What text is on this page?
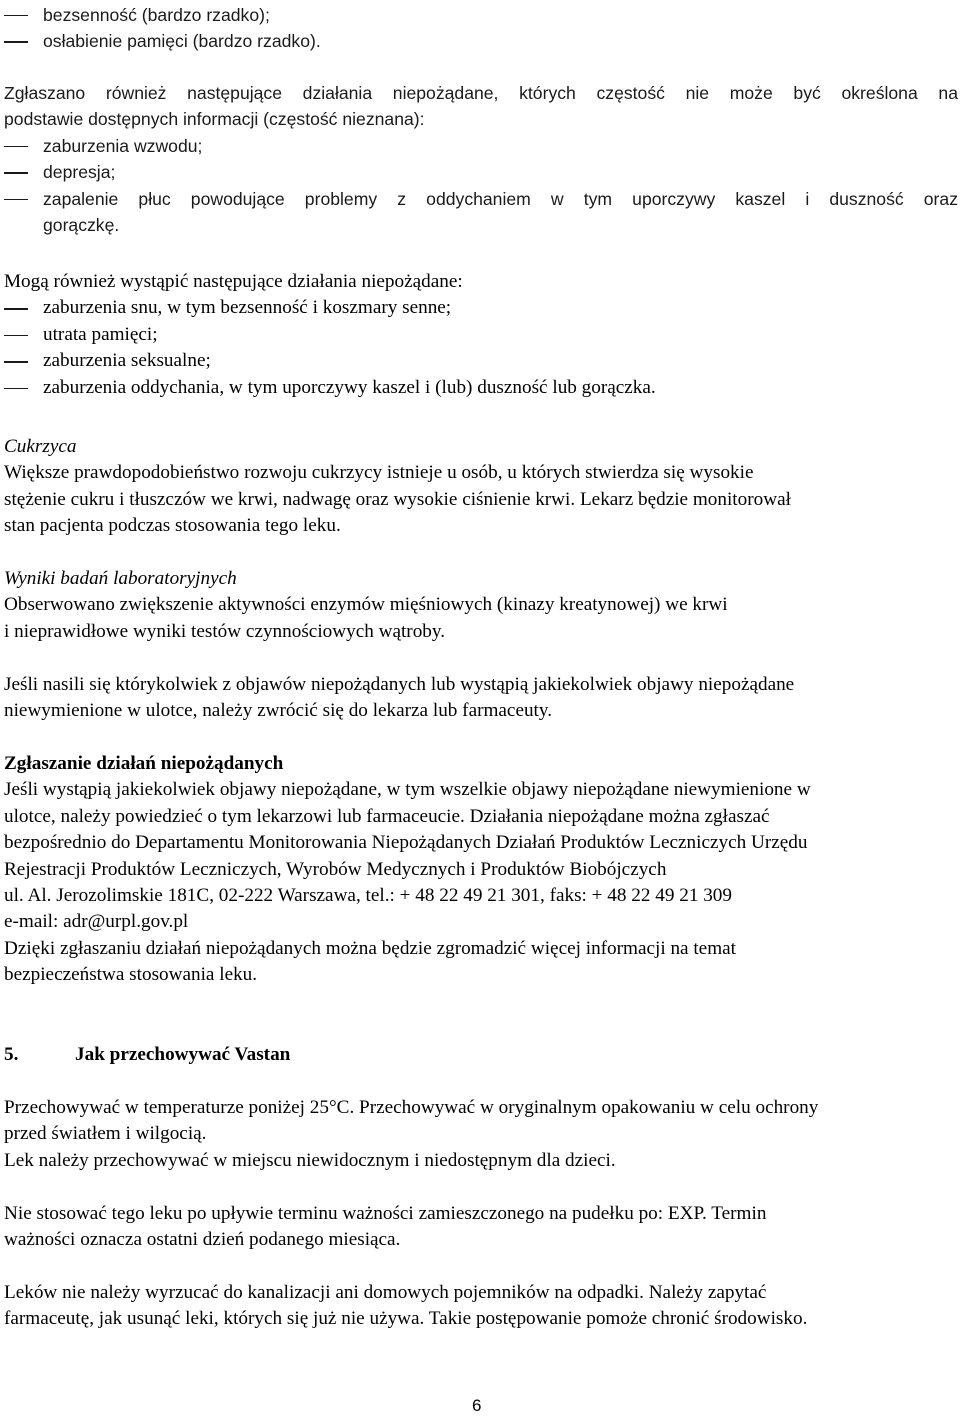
bezsenność (bardzo rzadko);
osłabienie pamięci (bardzo rzadko).

Zgłaszano również następujące działania niepożądane, których częstość nie może być określona na

podstawie dostępnych informacji (częstość nieznana):

zaburzenia wzwodu;
depresja;
zapalenie płuc powodujące problemy z oddychaniem w tym uporczywy kaszel i duszność oraz
gorączkę.

Mogą również wystąpić następujące działania niepożądane:

zaburzenia snu, w tym bezsenność i koszmary senne;
utrata pamięci;
zaburzenia seksualne;
zaburzenia oddychania, w tym uporczywy kaszel i (lub) duszność lub gorączka.

Cukrzyca

Większe prawdopodobieństwo rozwoju cukrzycy istnieje u osób, u których stwierdza się wysokie

stężenie cukru i tłuszczów we krwi, nadwagę oraz wysokie ciśnienie krwi. Lekarz będzie monitorował

stan pacjenta podczas stosowania tego leku.

Wyniki badań laboratoryjnych

Obserwowano zwiększenie aktywności enzymów mięśniowych (kinazy kreatynowej) we krwi

i nieprawidłowe wyniki testów czynnościowych wątroby.

Jeśli nasili się którykolwiek z objawów niepożądanych lub wystąpią jakiekolwiek objawy niepożądane

niewymienione w ulotce, należy zwrócić się do lekarza lub farmaceuty.

Zgłaszanie działań niepożądanych

Jeśli wystąpią jakiekolwiek objawy niepożądane, w tym wszelkie objawy niepożądane niewymienione w

ulotce, należy powiedzieć o tym lekarzowi lub farmaceucie. Działania niepożądane można zgłaszać

bezpośrednio do Departamentu Monitorowania Niepożądanych Działań Produktów Leczniczych Urzędu

Rejestracji Produktów Leczniczych, Wyrobów Medycznych i Produktów Biobójczych

ul. Al. Jerozolimskie 181C, 02-222 Warszawa, tel.: + 48 22 49 21 301, faks: + 48 22 49 21 309

e-mail: adr@urpl.gov.pl

Dzięki zgłaszaniu działań niepożądanych można będzie zgromadzić więcej informacji na temat

bezpieczeństwa stosowania leku.

5.	Jak przechowywać Vastan

Przechowywać w temperaturze poniżej 25°C. Przechowywać w oryginalnym opakowaniu w celu ochrony

przed światłem i wilgocią.

Lek należy przechowywać w miejscu niewidocznym i niedostępnym dla dzieci.

Nie stosować tego leku po upływie terminu ważności zamieszczonego na pudełku po: EXP. Termin

ważności oznacza ostatni dzień podanego miesiąca.

Leków nie należy wyrzucać do kanalizacji ani domowych pojemników na odpadki. Należy zapytać

farmaceutę, jak usunąć leki, których się już nie używa. Takie postępowanie pomoże chronić środowisko.

6
